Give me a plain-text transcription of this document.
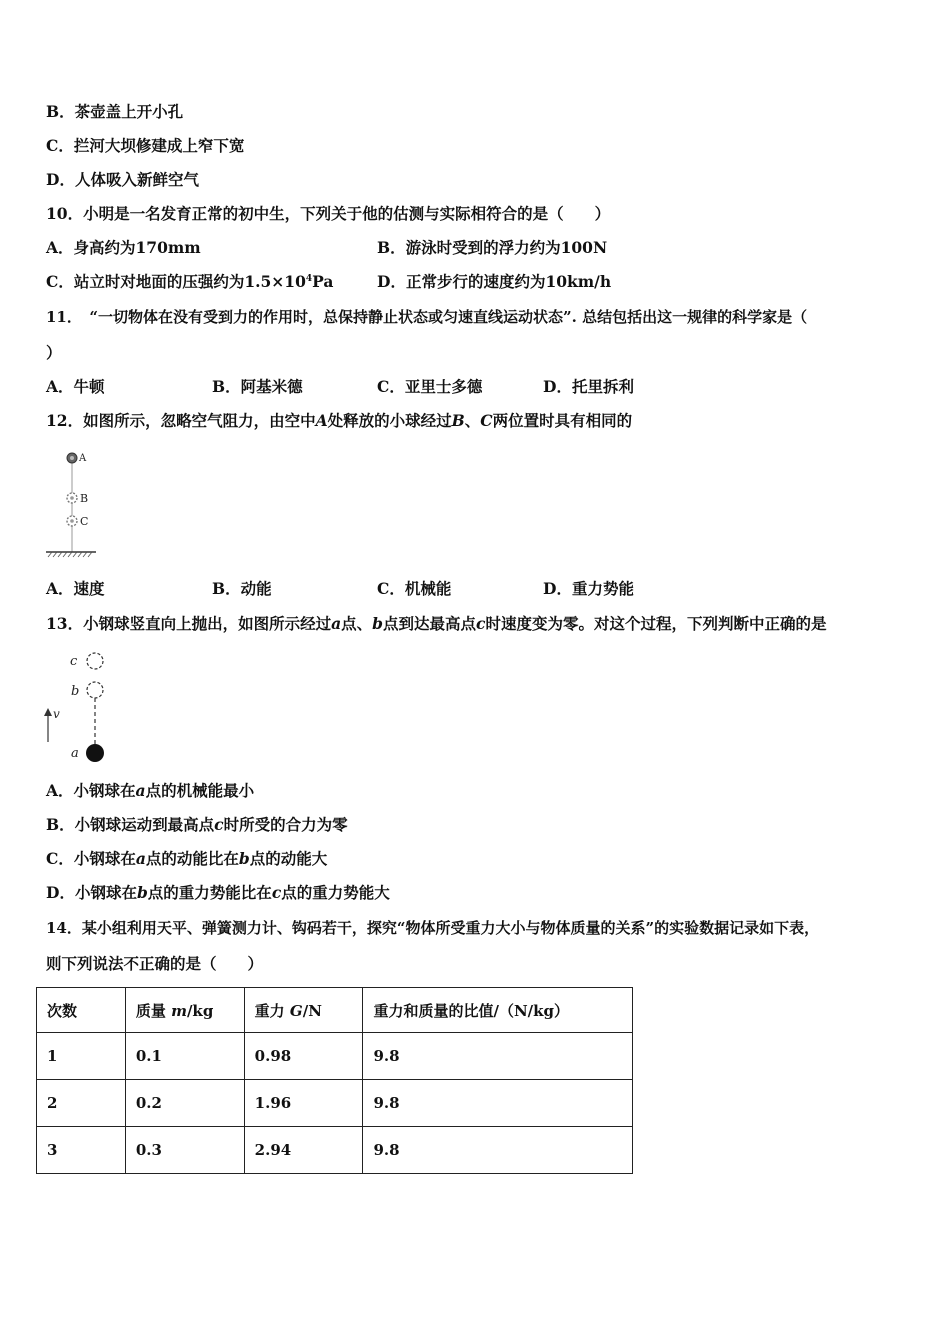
B．茶壶盖上开小孔
C．拦河大坝修建成上窄下宽
D．人体吸入新鲜空气
10．小明是一名发育正常的初中生，下列关于他的估测与实际相符合的是（　　）
A．身高约为170mm	B．游泳时受到的浮力约为100N
C．站立时对地面的压强约为$1.5\times 10^4Pa$	D．正常步行的速度约为10km/h
11．　“一切物体在没有受到力的作用时，总保持静止状态或匀速直线运动状态”. 总结包括出这一规律的科学家是（
）
A．牛顿	B．阿基米德	C．亚里士多德	D．托里拆利
12．如图所示，忽略空气阻力，由空中A处释放的小球经过B、C两位置时具有相同的
A
B
C
A．速度	B．动能	C．机械能	D．重力势能
13．小钢球竖直向上抛出，如图所示经过a点、b点到达最高点c时速度变为零。对这个过程，下列判断中正确的是
c
b
v
a
A．小钢球在a点的机械能最小
B．小钢球运动到最高点c时所受的合力为零
C．小钢球在a点的动能比在b点的动能大
D．小钢球在b点的重力势能比在c点的重力势能大
14．某小组利用天平、弹簧测力计、钩码若干，探究“物体所受重力大小与物体质量的关系”的实验数据记录如下表，
则下列说法不正确的是（　　）
次数	质量 m/kg	重力 G/N	重力和质量的比值/（N/kg）
1	0.1	0.98	9.8
2	0.2	1.96	9.8
3	0.3	2.94	9.8
